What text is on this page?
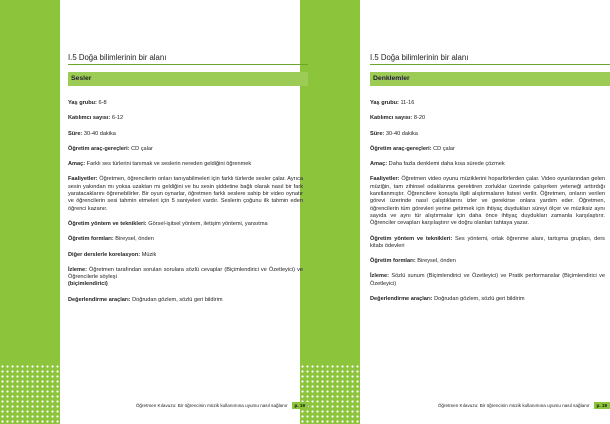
I.5 Doğa bilimlerinin bir alanı
Sesler

Yaş grubu: 6-8

Katılımcı sayısı: 6-12

Süre: 30-40 dakika

Öğretim araç-gereçleri: CD çalar

Amaç: Farklı ses türlerini tanımak ve seslerin nereden geldiğini öğrenmek

Faaliyetler: Öğretmen, öğrencilerin onları tanıyabilmeleri için farklı türlerde sesler çalar. Ayrıca sesin yakından mı yoksa uzaktan mı geldiğini ve bu sesin şiddetine bağlı olarak nasıl bir fark yaratacaklarını öğrenebilirler. Bir oyun oynarlar, öğretmen farklı seslere sahip bir video oynatır ve öğrencilerin sesi tahmin etmeleri için 5 saniyeleri vardır. Seslerin çoğunu ilk tahmin eden öğrenci kazanır.

Öğretim yöntem ve teknikleri: Görsel-işitsel yöntem, iletişim yöntemi, yansıtma

Öğretim formları: Bireysel, önden

Diğer derslerle korelasyon: Müzik

İzleme: Öğretmen tarafından sorulan sorulara sözlü cevaplar (Biçimlendirici ve Özetleyici) ve Öğrencilerle söyleşi
(biçimlendirici)

Değerlendirme araçları: Doğrudan gözlem, sözlü geri bildirim

Öğretmen Kılavuzu: Bir öğrencinin müzik kullanımına uyumu nasıl sağlanır p. 19
I.5 Doğa bilimlerinin bir alanı
Denklemler

Yaş grubu: 11-16

Katılımcı sayısı: 8-20

Süre: 30-40 dakika

Öğretim araç-gereçleri: CD çalar

Amaç: Daha fazla denklemi daha kısa sürede çözmek

Faaliyetler: Öğretmen video oyunu müziklerini hoparlörlerden çalar. Video oyunlarından gelen müziğin, tam zihinsel odaklanma gerektiren zorluklar üzerinde çalışırken yeteneği arttırdığı kanıtlanmıştır. Öğrencilere konuyla ilgili alıştırmaların listesi verilir. Öğretmen, onların verilen görevi üzerinde nasıl çalıştıklarını izler ve gerekirse onlara yardım eder. Öğretmen, öğrencilerin tüm görevleri yerine getirmek için ihtiyaç duydukları süreyi ölçer ve müziksiz aynı sayıda ve aynı tür alıştırmalar için daha önce ihtiyaç duydukları zamanla karşılaştırır. Öğrenciler cevapları karşılaştırır ve doğru olanları tahtaya yazar.

Öğretim yöntem ve teknikleri: Ses yöntemi, ortak öğrenme alanı, tartışma grupları, ders kitabı ödevleri

Öğretim formları: Bireysel, önden

İzleme: Sözlü sunum (Biçimlendirici ve Özetleyici) ve Pratik performanslar (Biçimlendirici ve Özetleyici)

Değerlendirme araçları: Doğrudan gözlem, sözlü geri bildirim

Öğretmen Kılavuzu: Bir öğrencinin müzik kullanımına uyumu nasıl sağlanır p. 19
